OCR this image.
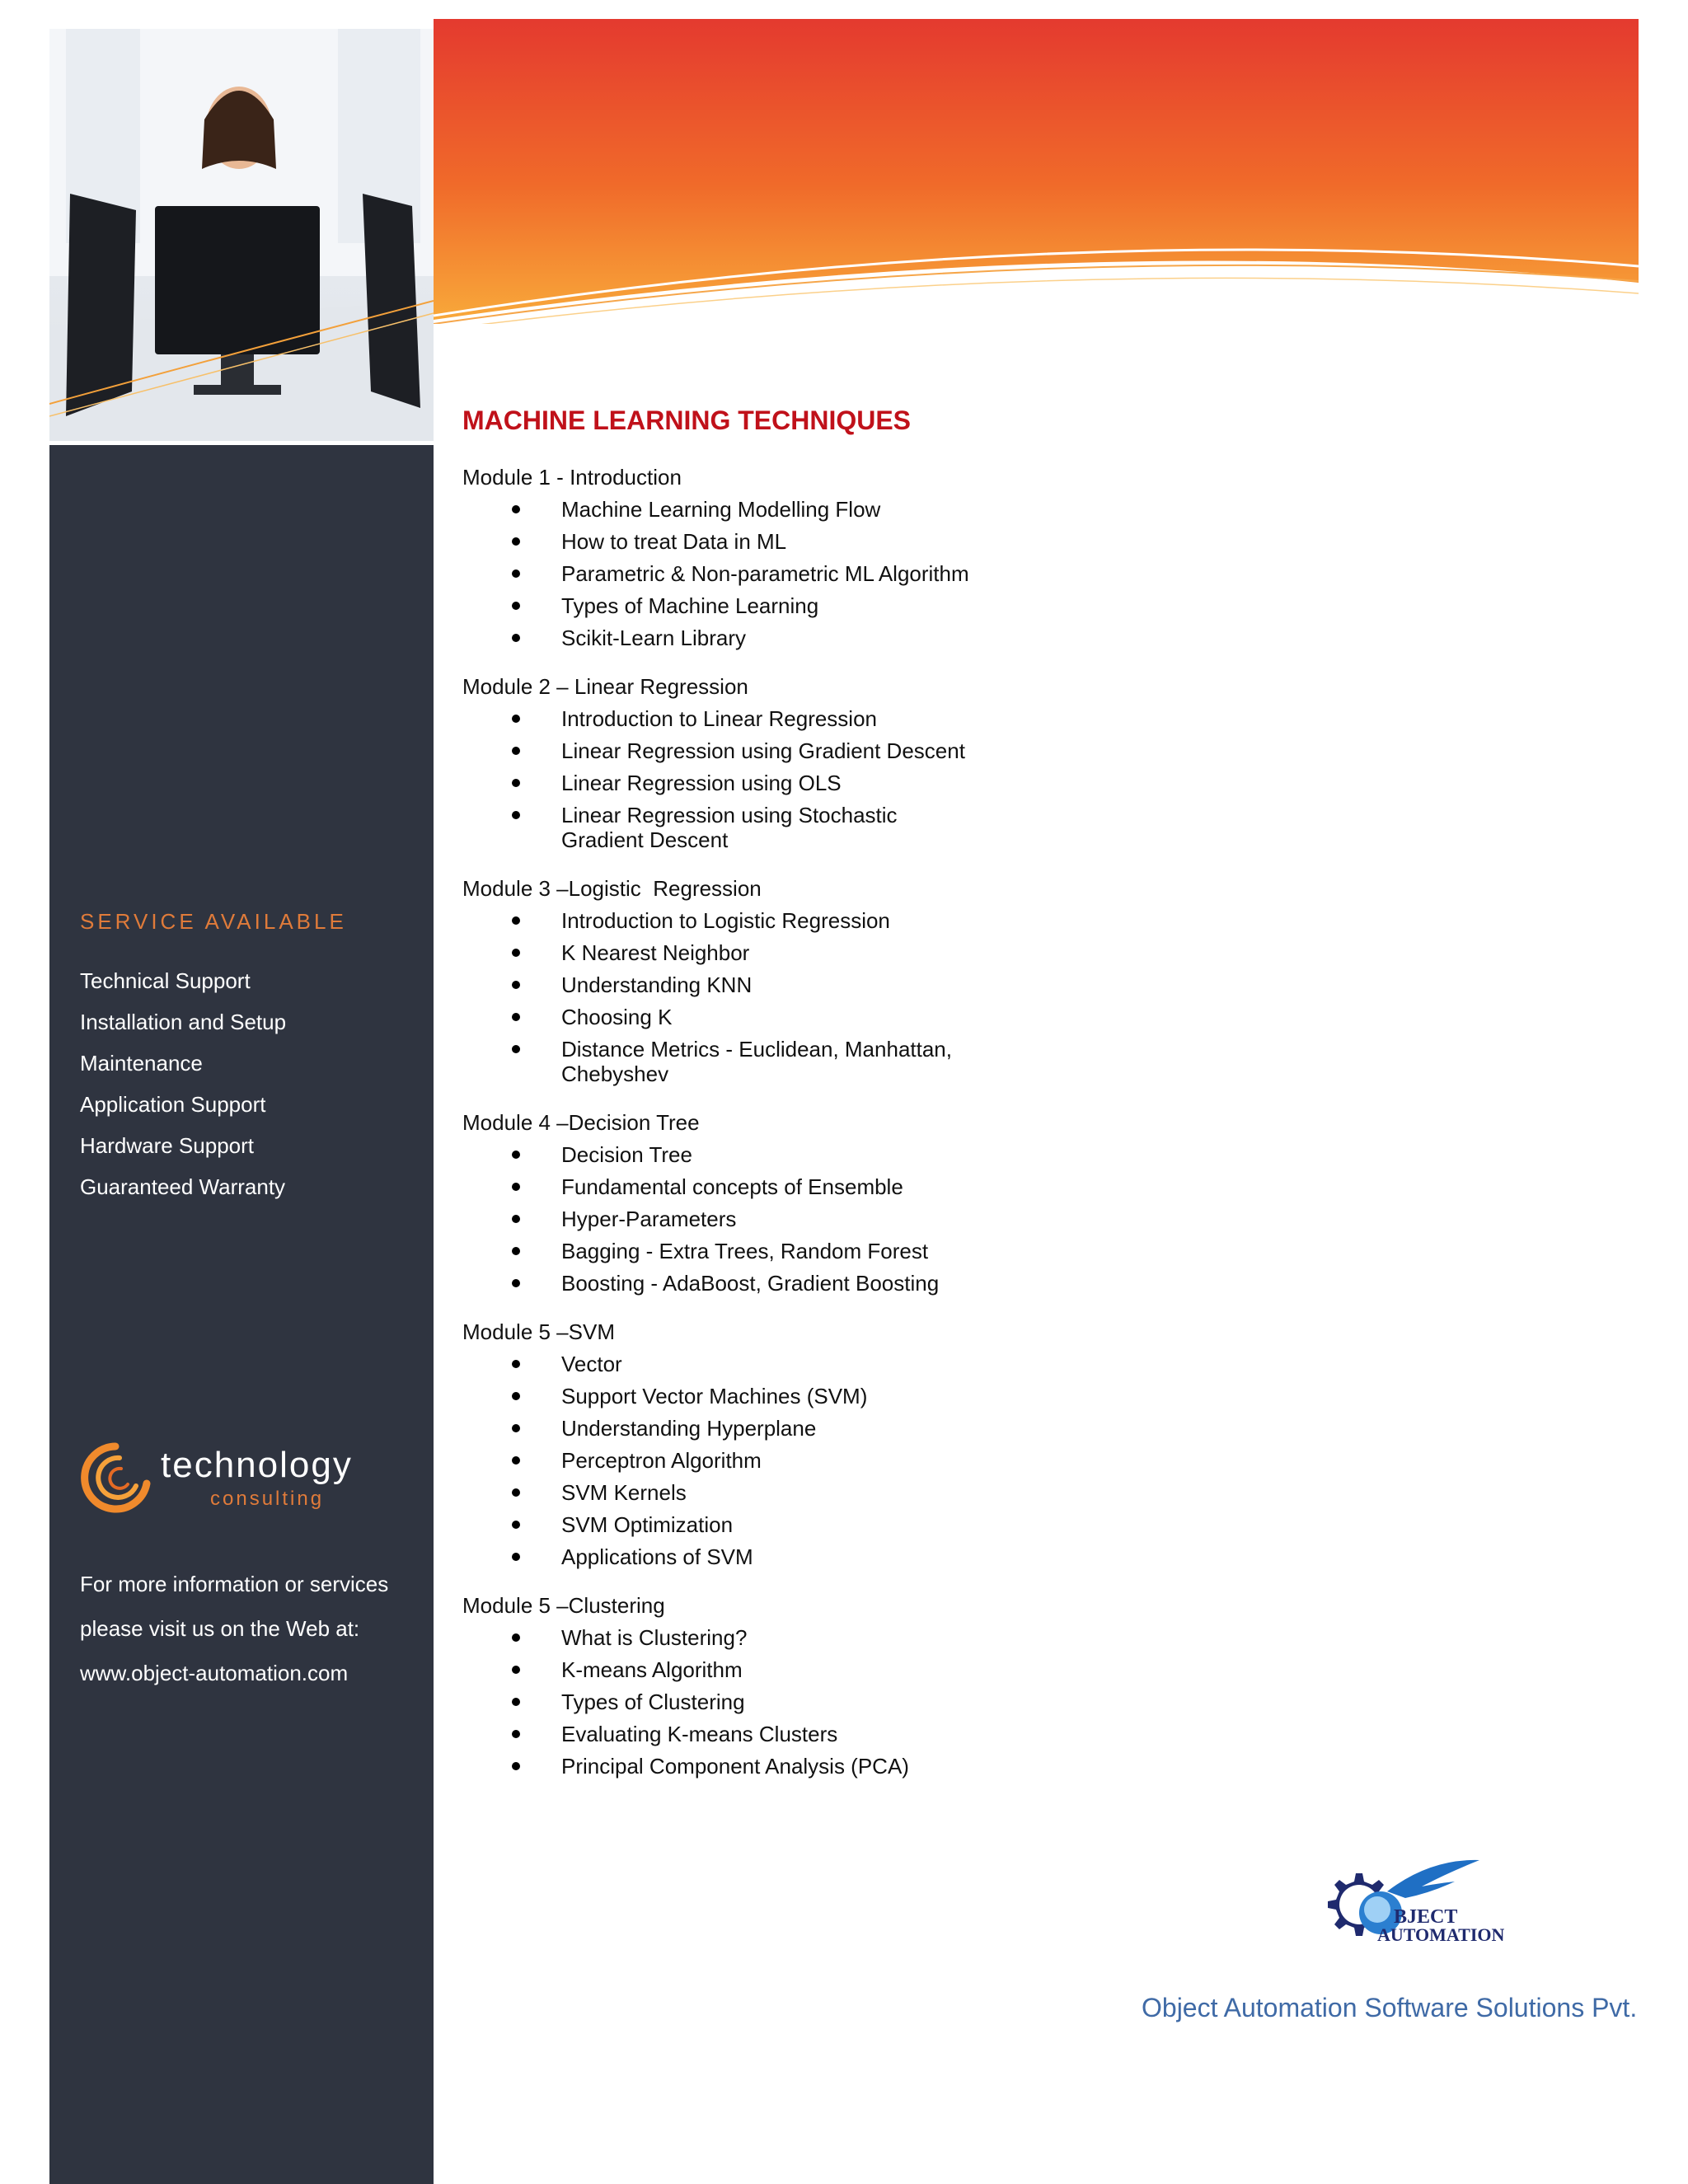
SERVICE AVAILABLE
Technical Support
Installation and Setup
Maintenance
Application Support
Hardware Support
Guaranteed Warranty

technology

consulting

For more information or services
please visit us on the Web at:
www.object-automation.com
MACHINE LEARNING TECHNIQUES

Module 1 - Introduction

Machine Learning Modelling Flow
How to treat Data in ML
Parametric & Non-parametric ML Algorithm
Types of Machine Learning
Scikit-Learn Library

Module 2 – Linear Regression

Introduction to Linear Regression
Linear Regression using Gradient Descent
Linear Regression using OLS
Linear Regression using Stochastic Gradient Descent

Module 3 –Logistic  Regression

Introduction to Logistic Regression
K Nearest Neighbor
Understanding KNN
Choosing K
Distance Metrics - Euclidean, Manhattan, Chebyshev

Module 4 –Decision Tree

Decision Tree
Fundamental concepts of Ensemble
Hyper-Parameters
Bagging - Extra Trees, Random Forest
Boosting - AdaBoost, Gradient Boosting

Module 5 –SVM

Vector
Support Vector Machines (SVM)
Understanding Hyperplane
Perceptron Algorithm
SVM Kernels
SVM Optimization
Applications of SVM

Module 5 –Clustering

What is Clustering?
K-means Algorithm
Types of Clustering
Evaluating K-means Clusters
Principal Component Analysis (PCA)
BJECT
AUTOMATION

Object Automation Software Solutions Pvt.
